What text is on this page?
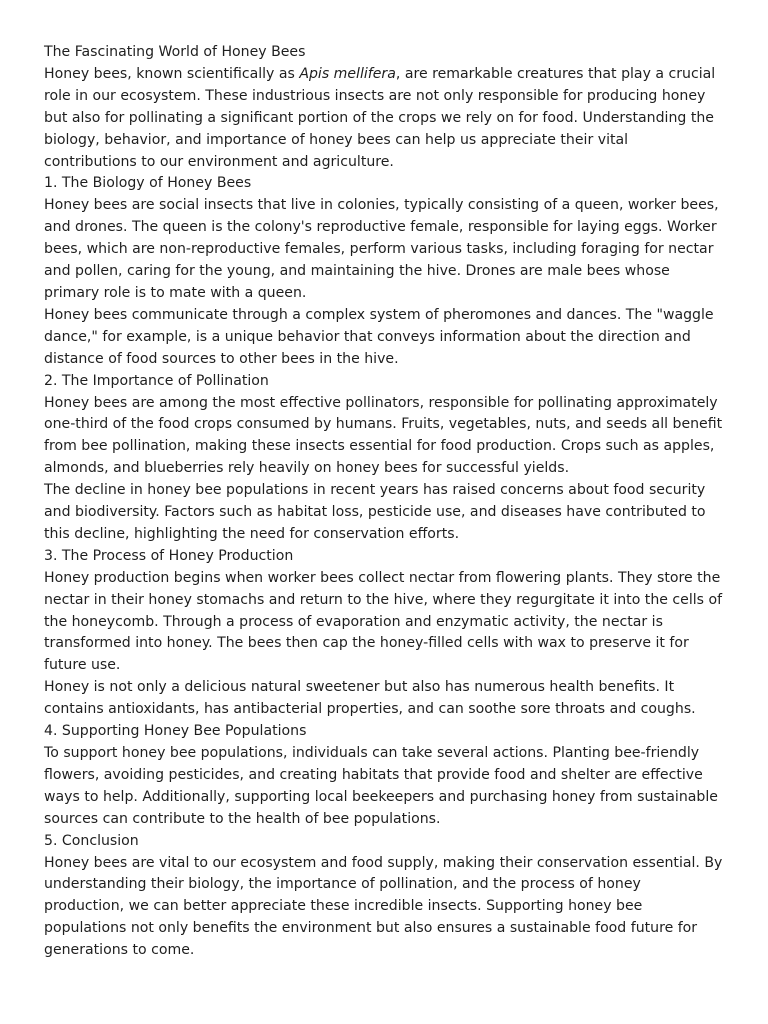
The Fascinating World of Honey Bees

Honey bees, known scientifically as Apis mellifera, are remarkable creatures that play a crucial role in our ecosystem. These industrious insects are not only responsible for producing honey but also for pollinating a significant portion of the crops we rely on for food. Understanding the biology, behavior, and importance of honey bees can help us appreciate their vital contributions to our environment and agriculture.

1. The Biology of Honey Bees

Honey bees are social insects that live in colonies, typically consisting of a queen, worker bees, and drones. The queen is the colony's reproductive female, responsible for laying eggs. Worker bees, which are non-reproductive females, perform various tasks, including foraging for nectar and pollen, caring for the young, and maintaining the hive. Drones are male bees whose primary role is to mate with a queen.

Honey bees communicate through a complex system of pheromones and dances. The "waggle dance," for example, is a unique behavior that conveys information about the direction and distance of food sources to other bees in the hive.

2. The Importance of Pollination

Honey bees are among the most effective pollinators, responsible for pollinating approximately one-third of the food crops consumed by humans. Fruits, vegetables, nuts, and seeds all benefit from bee pollination, making these insects essential for food production. Crops such as apples, almonds, and blueberries rely heavily on honey bees for successful yields.

The decline in honey bee populations in recent years has raised concerns about food security and biodiversity. Factors such as habitat loss, pesticide use, and diseases have contributed to this decline, highlighting the need for conservation efforts.

3. The Process of Honey Production

Honey production begins when worker bees collect nectar from flowering plants. They store the nectar in their honey stomachs and return to the hive, where they regurgitate it into the cells of the honeycomb. Through a process of evaporation and enzymatic activity, the nectar is transformed into honey. The bees then cap the honey-filled cells with wax to preserve it for future use.

Honey is not only a delicious natural sweetener but also has numerous health benefits. It contains antioxidants, has antibacterial properties, and can soothe sore throats and coughs.

4. Supporting Honey Bee Populations

To support honey bee populations, individuals can take several actions. Planting bee-friendly flowers, avoiding pesticides, and creating habitats that provide food and shelter are effective ways to help. Additionally, supporting local beekeepers and purchasing honey from sustainable sources can contribute to the health of bee populations.

5. Conclusion

Honey bees are vital to our ecosystem and food supply, making their conservation essential. By understanding their biology, the importance of pollination, and the process of honey production, we can better appreciate these incredible insects. Supporting honey bee populations not only benefits the environment but also ensures a sustainable food future for generations to come.
